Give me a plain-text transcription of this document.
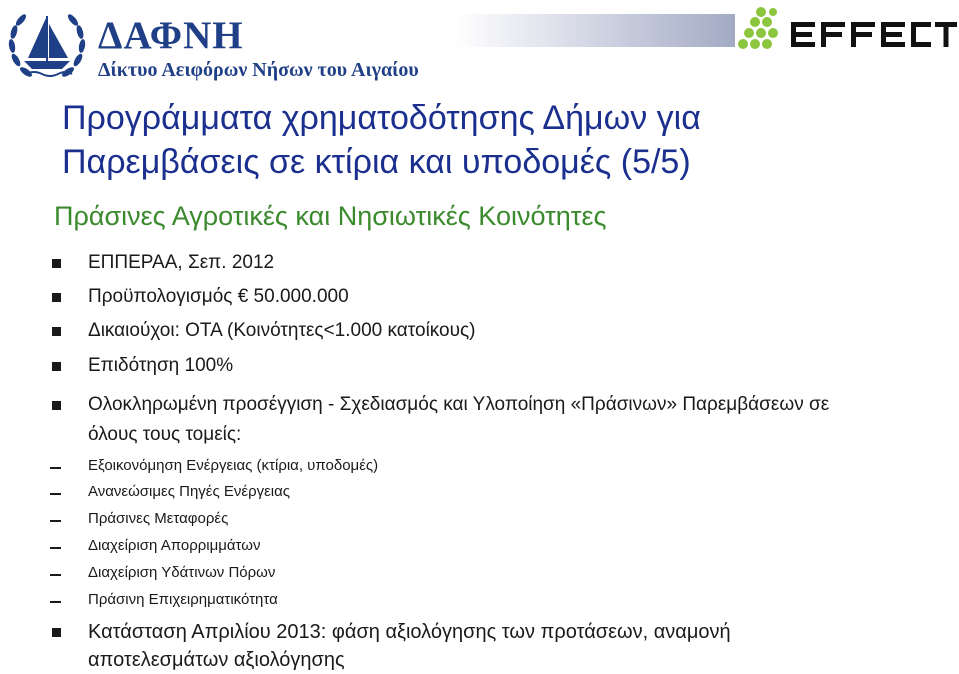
ΔΑΦΝΗ
Δίκτυο Αειφόρων Νήσων του Αιγαίου
Προγράμματα χρηματοδότησης Δήμων για
Παρεμβάσεις σε κτίρια και υποδομές (5/5)
Πράσινες Αγροτικές και Νησιωτικές Κοινότητες
ΕΠΠΕΡΑΑ, Σεπ. 2012
Προϋπολογισμός € 50.000.000
Δικαιούχοι: ΟΤΑ (Κοινότητες<1.000 κατοίκους)
Επιδότηση 100%
Ολοκληρωμένη προσέγγιση - Σχεδιασμός και Υλοποίηση «Πράσινων» Παρεμβάσεων σε
όλους τους τομείς:
Εξοικονόμηση Ενέργειας (κτίρια, υποδομές)
Ανανεώσιμες Πηγές Ενέργειας
Πράσινες Μεταφορές
Διαχείριση Απορριμμάτων
Διαχείριση Υδάτινων Πόρων
Πράσινη Επιχειρηματικότητα
Κατάσταση Απριλίου 2013: φάση αξιολόγησης των προτάσεων, αναμονή
αποτελεσμάτων αξιολόγησης
